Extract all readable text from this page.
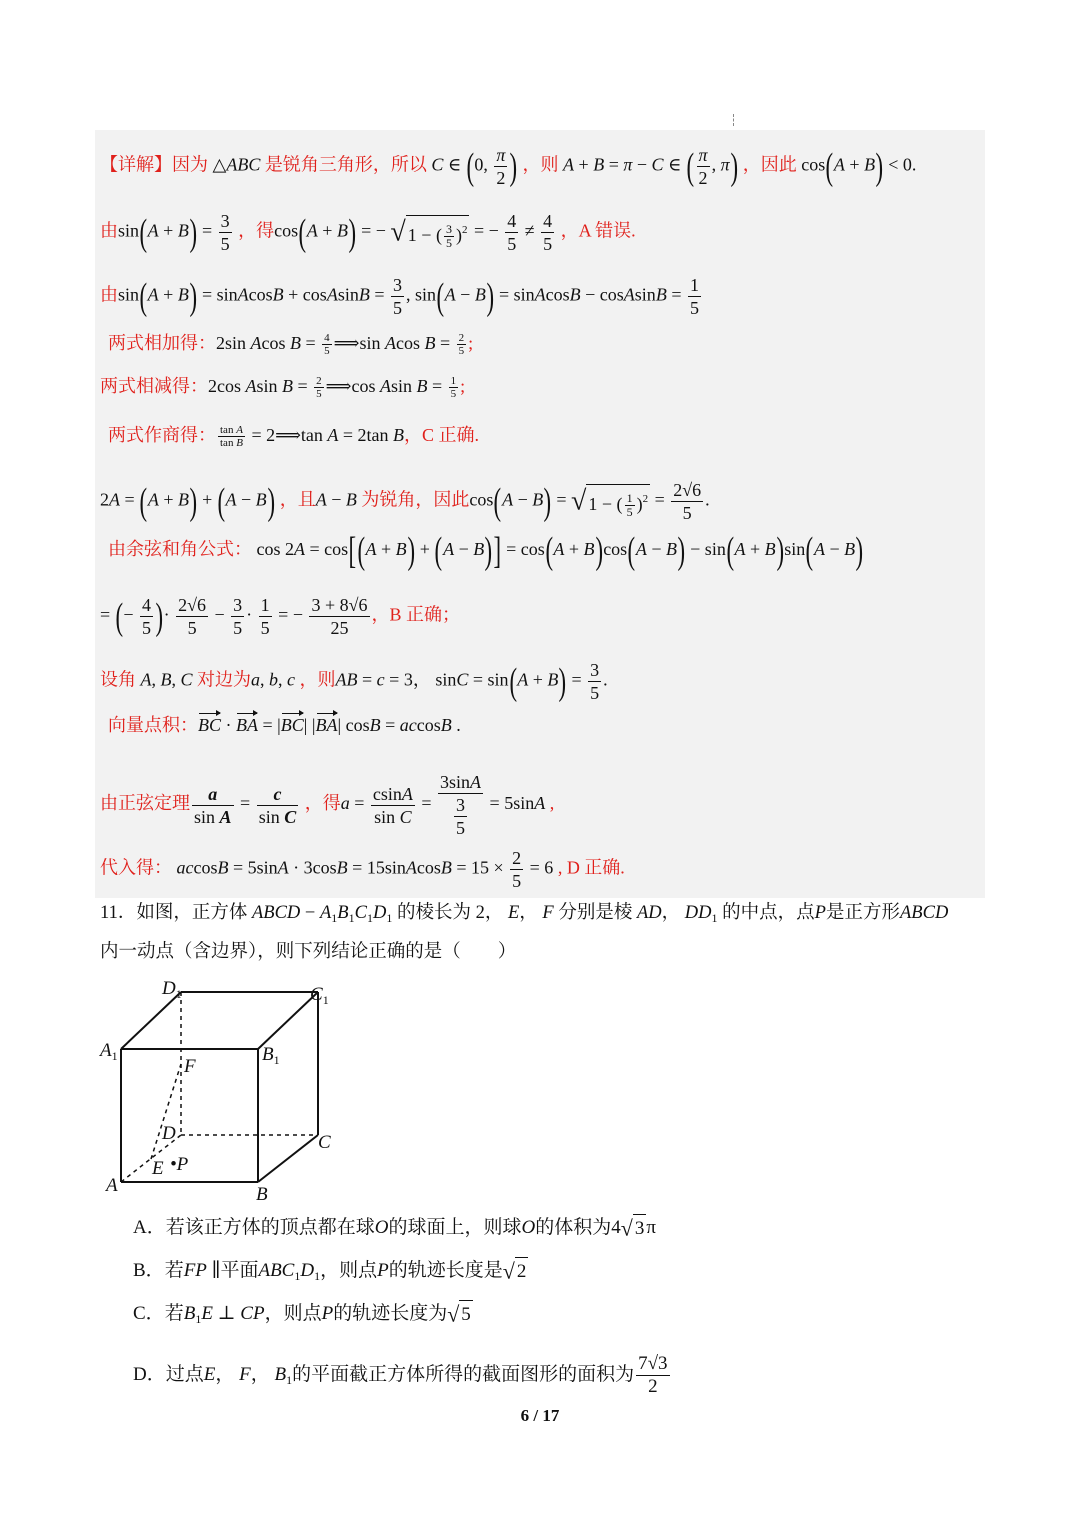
【详解】因为 △ABC 是锐角三角形，所以 C ∈ (0, $\frac{\pi}{2}$ ) ，则 A + B = π − C ∈ ( $\frac{\pi}{2}$ , π) ，因此 cos(A + B) < 0.
由$\sin(A + B) = \frac{3}{5}$ ，得cos(A + B) = − √ 1 − ( $\frac{3}{5} )^2$ = − $\frac{4}{5} \ne \frac{4}{5}$ ，A 错误.
由sin(A + B) = sinAcosB + cosAsinB = $\frac{3}{5}$ , sin(A − B) = sinAcosB − cosAsinB = $\frac{1}{5}$
两式相加得：2sin Acos $B = \frac{4}{5}$ ⟹sin Acos $B = \frac{2}{5}$ ;
两式相减得：2cos Asin $B = \frac{2}{5}$ ⟹cos Asin $B = \frac{1}{5}$ ;
两式作商得： $\frac{\text{tan A}}{\text{tan B}}$ = 2⟹tan A = 2tan B，C 正确.
2A = (A + B) + (A − B) ，且A − B 为锐角，因此cos(A − B) = √ 1 − ( $\frac{1}{5} )^2 = \frac{2√6}{5}$ .
由余弦和角公式： cos 2A = cos[(A + B) + (A − B)] = cos(A + B)cos(A − B) − sin(A + B)sin(A − B)
= (− $\frac{4}{5}$ )· $\frac{2√6}{5} - \frac{3}{5} \cdot \frac{1}{5}$ = − $\frac{3 + 8√6}{25}$ ，B 正确；
设角 A, B, C 对边为a, b, c ，则AB = c = 3， $\sin C = \sin(A + B) = \frac{3}{5}$ .
向量点积：BC · BA = |BC| |BA| cosB = accosB .
由正弦定理 $\frac{a}{\text{sin A}} = \frac{c}{\text{sin C}}$ ，得$a = \frac{csinA}{\text{sin C}} = \frac{3\sin A}{\frac{3}{5}} = 5\sin A$ ,
代入得： accosB = 5sinA · 3cosB = 15sinAcosB = $15 \times \frac{2}{5} = 6$ , D 正确.
11．如图，正方体 ABCD − $A_1B_1C_1D_1$ 的棱长为 2， E， F 分别是棱 AD， $DD_1$ 的中点，点P是正方形ABCD
内一动点（含边界），则下列结论正确的是（　　）
$D_1$	$C_1$
$A_1$	$B_1$
F
D	C
E •P
A	B
A．若该正方体的顶点都在球O的球面上，则球O的体积为4√ 3 π
B．若FP ∥平面$ABC_1D_1$，则点P的轨迹长度是√ 2
C．若$B_1E$ ⊥ CP，则点P的轨迹长度为√ 5
D．过点E， F， $B_1$的平面截正方体所得的截面图形的面积为 $\frac{7√3}{2}$
6 / 17
